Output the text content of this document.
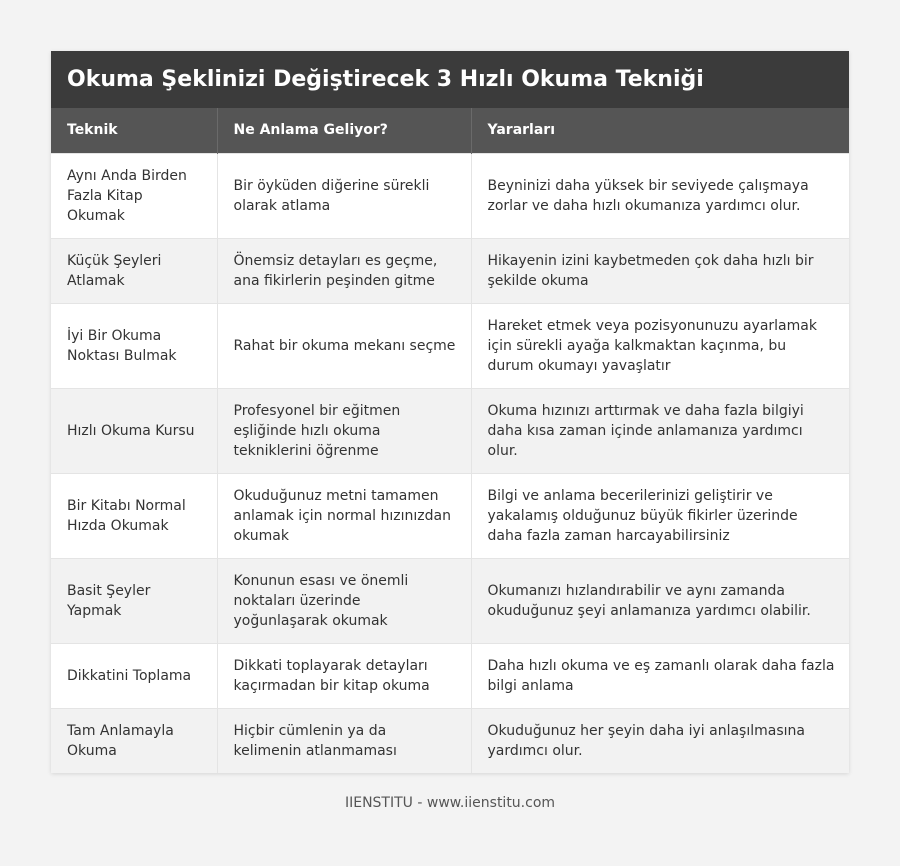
Okuma Şeklinizi Değiştirecek 3 Hızlı Okuma Tekniği
Teknik	Ne Anlama Geliyor?	Yararları
Aynı Anda Birden Fazla Kitap Okumak	Bir öyküden diğerine sürekli olarak atlama	Beyninizi daha yüksek bir seviyede çalışmaya zorlar ve daha hızlı okumanıza yardımcı olur.
Küçük Şeyleri Atlamak	Önemsiz detayları es geçme, ana fikirlerin peşinden gitme	Hikayenin izini kaybetmeden çok daha hızlı bir şekilde okuma
İyi Bir Okuma Noktası Bulmak	Rahat bir okuma mekanı seçme	Hareket etmek veya pozisyonunuzu ayarlamak için sürekli ayağa kalkmaktan kaçınma, bu durum okumayı yavaşlatır
Hızlı Okuma Kursu	Profesyonel bir eğitmen eşliğinde hızlı okuma tekniklerini öğrenme	Okuma hızınızı arttırmak ve daha fazla bilgiyi daha kısa zaman içinde anlamanıza yardımcı olur.
Bir Kitabı Normal Hızda Okumak	Okuduğunuz metni tamamen anlamak için normal hızınızdan okumak	Bilgi ve anlama becerilerinizi geliştirir ve yakalamış olduğunuz büyük fikirler üzerinde daha fazla zaman harcayabilirsiniz
Basit Şeyler Yapmak	Konunun esası ve önemli noktaları üzerinde yoğunlaşarak okumak	Okumanızı hızlandırabilir ve aynı zamanda okuduğunuz şeyi anlamanıza yardımcı olabilir.
Dikkatini Toplama	Dikkati toplayarak detayları kaçırmadan bir kitap okuma	Daha hızlı okuma ve eş zamanlı olarak daha fazla bilgi anlama
Tam Anlamayla Okuma	Hiçbir cümlenin ya da kelimenin atlanmaması	Okuduğunuz her şeyin daha iyi anlaşılmasına yardımcı olur.
IIENSTITU - www.iienstitu.com
